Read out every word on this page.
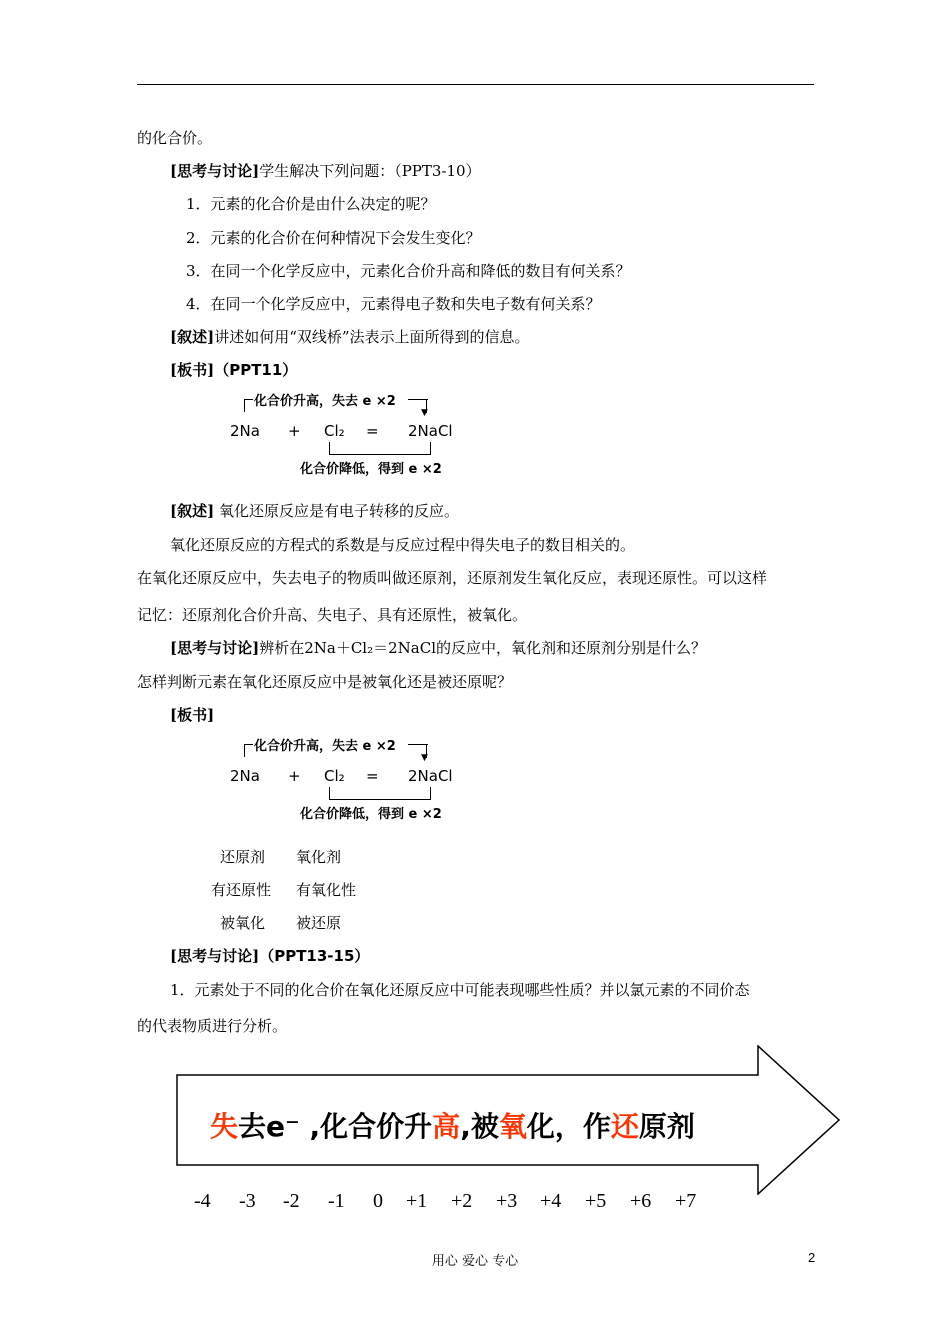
的化合价。
[思考与讨论]学生解决下列问题：（PPT3-10）
1．元素的化合价是由什么决定的呢？
2．元素的化合价在何种情况下会发生变化？
3．在同一个化学反应中，元素化合价升高和降低的数目有何关系？
4．在同一个化学反应中，元素得电子数和失电子数有何关系？
[叙述]讲述如何用“双线桥”法表示上面所得到的信息。
[板书]（PPT11）
化合价升高，失去 e ×2
▼
2Na + Cl₂ = 2NaCl
化合价降低，得到 e ×2
[叙述] 氧化还原反应是有电子转移的反应。
氧化还原反应的方程式的系数是与反应过程中得失电子的数目相关的。
在氧化还原反应中，失去电子的物质叫做还原剂，还原剂发生氧化反应，表现还原性。可以这样
记忆：还原剂化合价升高、失电子、具有还原性，被氧化。
[思考与讨论]辨析在2Na＋Cl₂＝2NaCl的反应中，氧化剂和还原剂分别是什么？
怎样判断元素在氧化还原反应中是被氧化还是被还原呢？
[板书]
化合价升高，失去 e ×2
▼
2Na + Cl₂ = 2NaCl
化合价降低，得到 e ×2
还原剂 氧化剂
有还原性 有氧化性
被氧化 被还原
[思考与讨论]（PPT13-15）
1．元素处于不同的化合价在氧化还原反应中可能表现哪些性质？并以氯元素的不同价态
的代表物质进行分析。
失去e⁻ ,化合价升高,被氧化，作还原剂
-4 -3 -2 -1 0 +1 +2 +3 +4 +5 +6 +7
用心 爱心 专心	2
